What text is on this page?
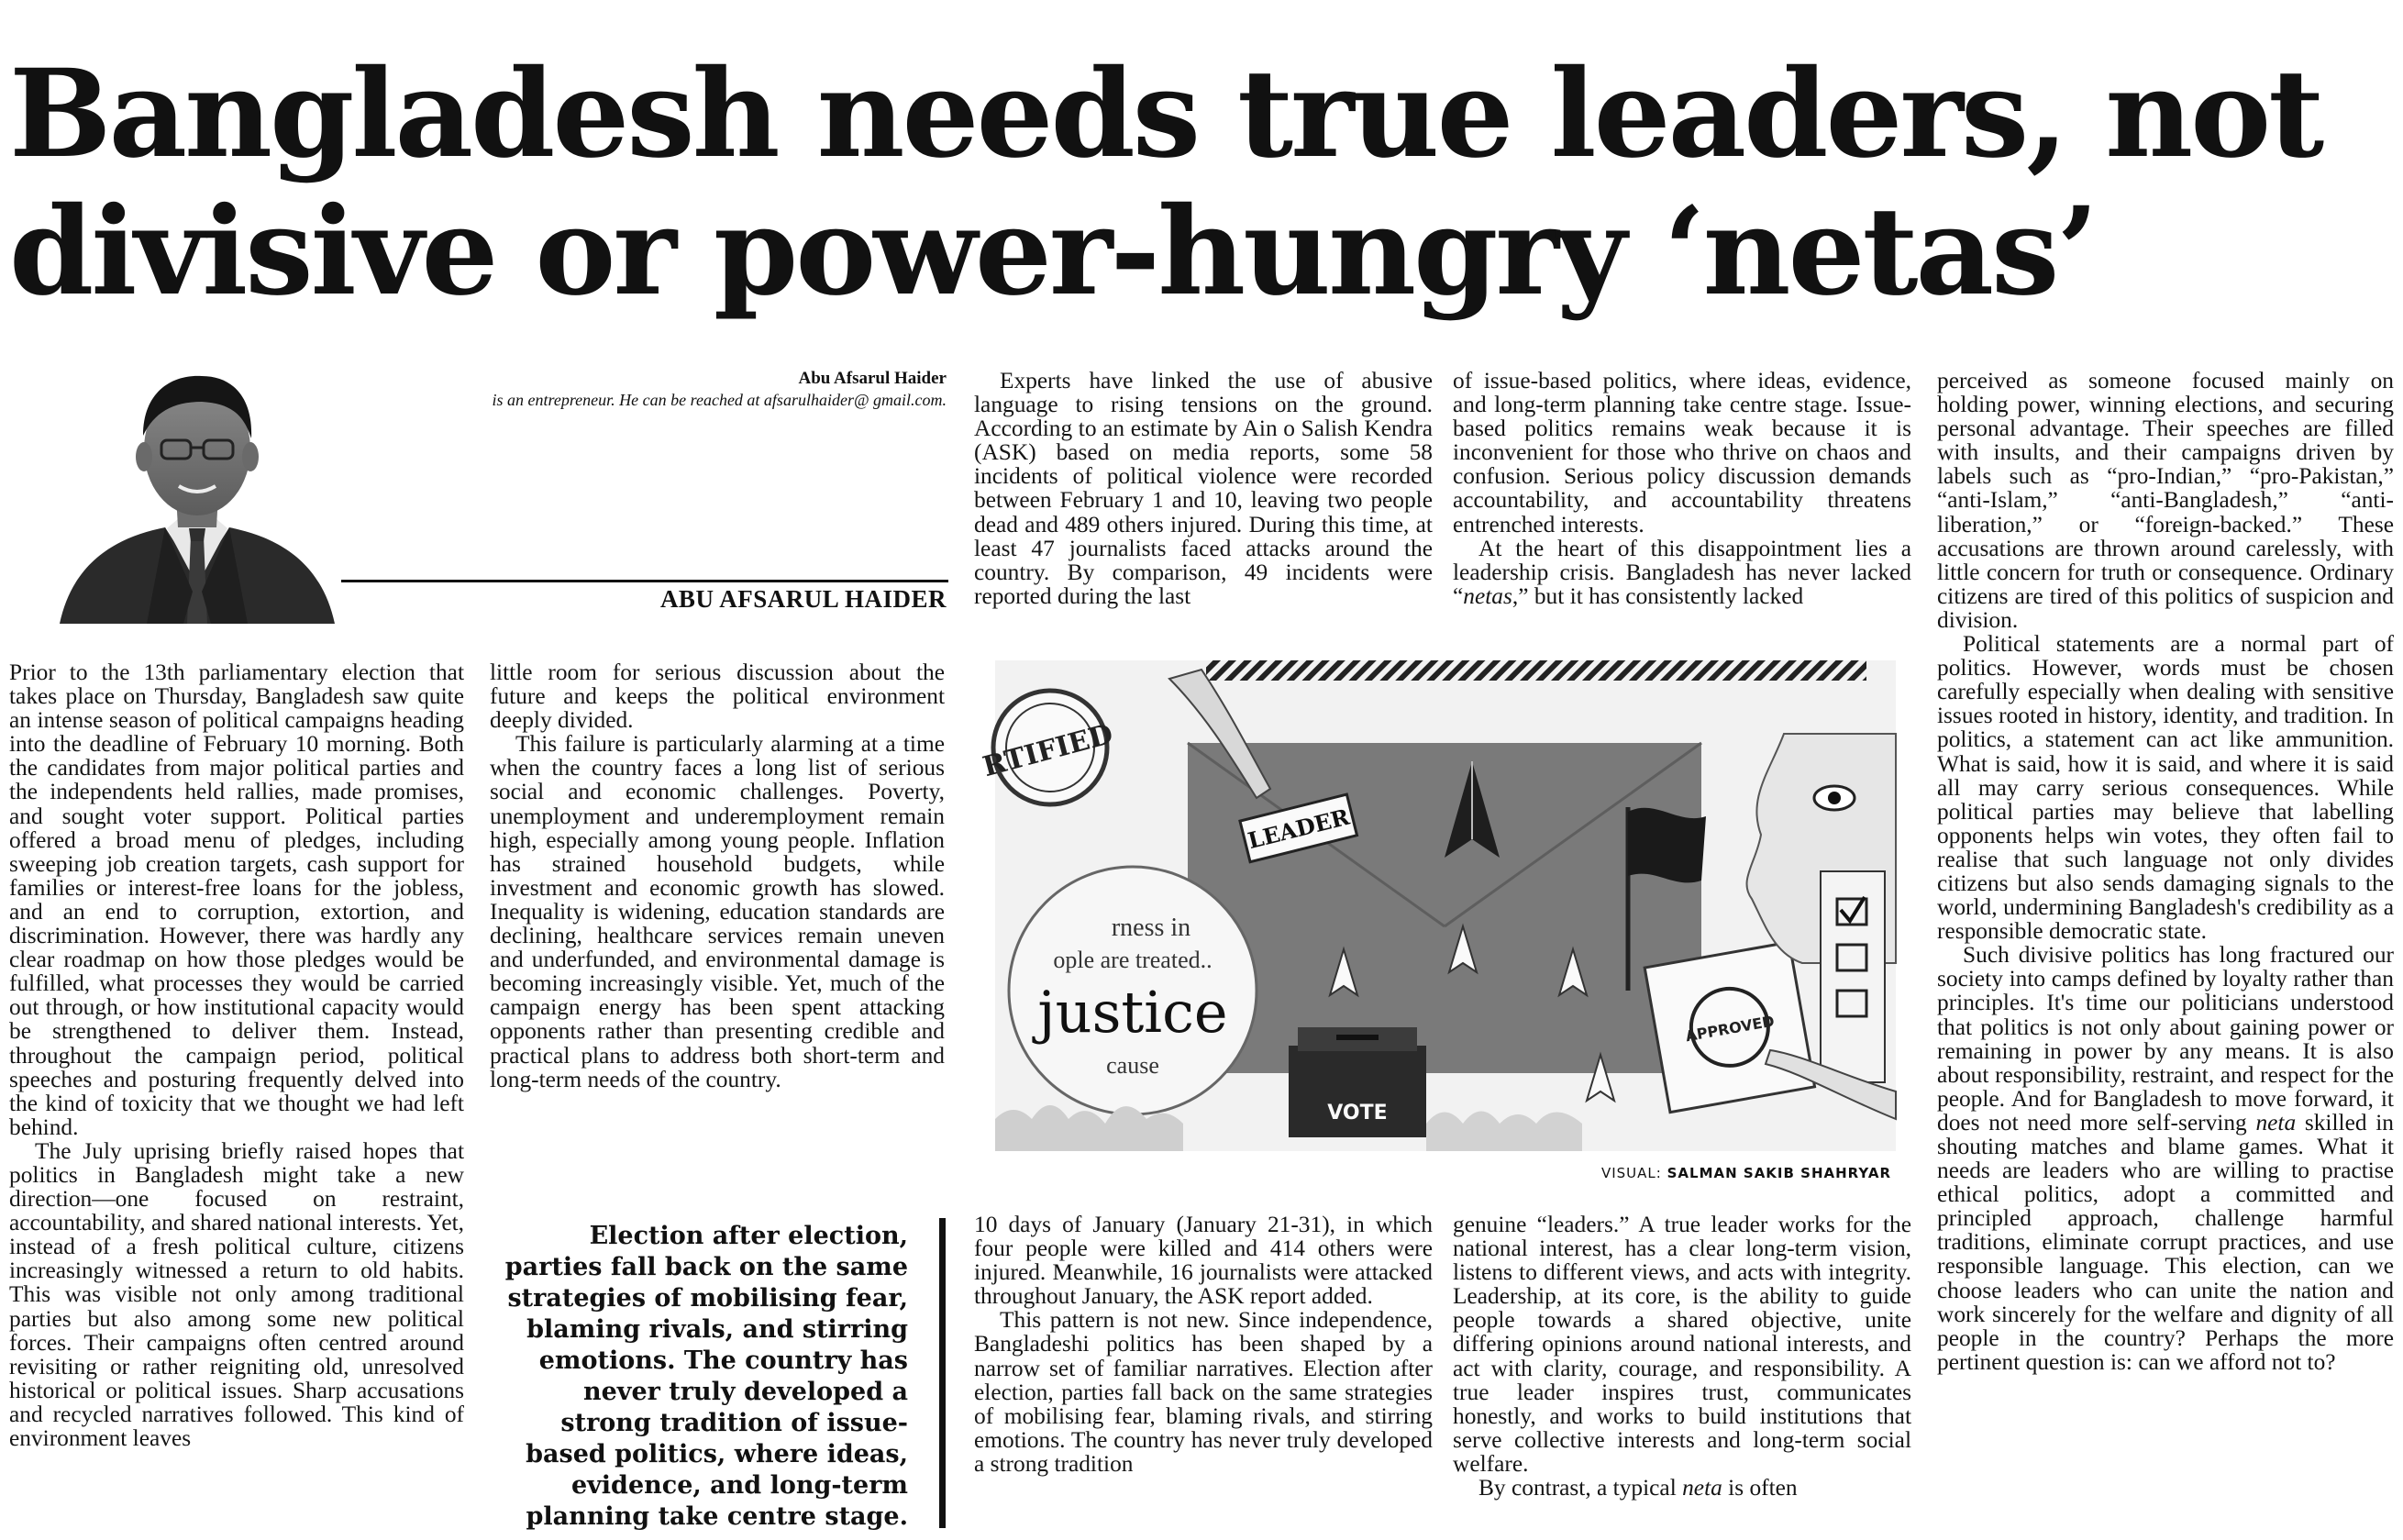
Bangladesh needs true leaders, not
divisive or power-hungry ‘netas’
Abu Afsarul Haider
is an entrepreneur. He can be reached at afsarulhaider@ gmail.com.
ABU AFSARUL HAIDER

Prior to the 13th parliamentary election that takes place on Thursday, Bangladesh saw quite an intense season of political campaigns heading into the deadline of February 10 morning. Both the candidates from major political parties and the independents held rallies, made promises, and sought voter support. Political parties offered a broad menu of pledges, including sweeping job creation targets, cash support for families or interest-free loans for the jobless, and an end to corruption, extortion, and discrimination. However, there was hardly any clear roadmap on how those pledges would be fulfilled, what processes they would be carried out through, or how institutional capacity would be strengthened to deliver them. Instead, throughout the campaign period, political speeches and posturing frequently delved into the kind of toxicity that we thought we had left behind.

The July uprising briefly raised hopes that politics in Bangladesh might take a new direction—one focused on restraint, accountability, and shared national interests. Yet, instead of a fresh political culture, citizens increasingly witnessed a return to old habits. This was visible not only among traditional parties but also among some new political forces. Their campaigns often centred around revisiting or rather reigniting old, unresolved historical or political issues. Sharp accusations and recycled narratives followed. This kind of environment leaves

little room for serious discussion about the future and keeps the political environment deeply divided.

This failure is particularly alarming at a time when the country faces a long list of serious social and economic challenges. Poverty, unemployment and underemployment remain high, especially among young people. Inflation has strained household budgets, while investment and economic growth has slowed. Inequality is widening, education standards are declining, healthcare services remain uneven and underfunded, and environmental damage is becoming increasingly visible. Yet, much of the campaign energy has been spent attacking opponents rather than presenting credible and practical plans to address both short-term and long-term needs of the country.

Experts have linked the use of abusive language to rising tensions on the ground. According to an estimate by Ain o Salish Kendra (ASK) based on media reports, some 58 incidents of political violence were recorded between February 1 and 10, leaving two people dead and 489 others injured. During this time, at least 47 journalists faced attacks around the country. By comparison, 49 incidents were reported during the last

of issue-based politics, where ideas, evidence, and long-term planning take centre stage. Issue-based politics remains weak because it is inconvenient for those who thrive on chaos and confusion. Serious policy discussion demands accountability, and accountability threatens entrenched interests.

At the heart of this disappointment lies a leadership crisis. Bangladesh has never lacked “netas,” but it has consistently lacked

perceived as someone focused mainly on holding power, winning elections, and securing personal advantage. Their speeches are filled with insults, and their campaigns driven by labels such as “pro-Indian,” “pro-Pakistan,” “anti-Islam,” “anti-Bangladesh,” “anti-liberation,” or “foreign-backed.” These accusations are thrown around carelessly, with little concern for truth or consequence. Ordinary citizens are tired of this politics of suspicion and division.

Political statements are a normal part of politics. However, words must be chosen carefully especially when dealing with sensitive issues rooted in history, identity, and tradition. In politics, a statement can act like ammunition. What is said, how it is said, and where it is said all may carry serious consequences. While political parties may believe that labelling opponents helps win votes, they often fail to realise that such language not only divides citizens but also sends damaging signals to the world, undermining Bangladesh's credibility as a responsible democratic state.

Such divisive politics has long fractured our society into camps defined by loyalty rather than principles. It's time our politicians understood that politics is not only about gaining power or remaining in power by any means. It is also about responsibility, restraint, and respect for the people. And for Bangladesh to move forward, it does not need more self-serving neta skilled in shouting matches and blame games. What it needs are leaders who are willing to practise ethical politics, adopt a committed and principled approach, challenge harmful traditions, eliminate corrupt practices, and use responsible language. This election, can we choose leaders who can unite the nation and work sincerely for the welfare and dignity of all people in the country? Perhaps the more pertinent question is: can we afford not to?

RTIFIED
LEADER
rness in
ople are treated..
justice
cause
VOTE
APPROVED
VISUAL: SALMAN SAKIB SHAHRYAR
Election after election, parties fall back on the same strategies of mobilising fear, blaming rivals, and stirring emotions. The country has never truly developed a strong tradition of issue-based politics, where ideas, evidence, and long-term planning take centre stage.

10 days of January (January 21-31), in which four people were killed and 414 others were injured. Meanwhile, 16 journalists were attacked throughout January, the ASK report added.

This pattern is not new. Since independence, Bangladeshi politics has been shaped by a narrow set of familiar narratives. Election after election, parties fall back on the same strategies of mobilising fear, blaming rivals, and stirring emotions. The country has never truly developed a strong tradition

genuine “leaders.” A true leader works for the national interest, has a clear long-term vision, listens to different views, and acts with integrity. Leadership, at its core, is the ability to guide people towards a shared objective, unite differing opinions around national interests, and act with clarity, courage, and responsibility. A true leader inspires trust, communicates honestly, and works to build institutions that serve collective interests and long-term social welfare.

By contrast, a typical neta is often
